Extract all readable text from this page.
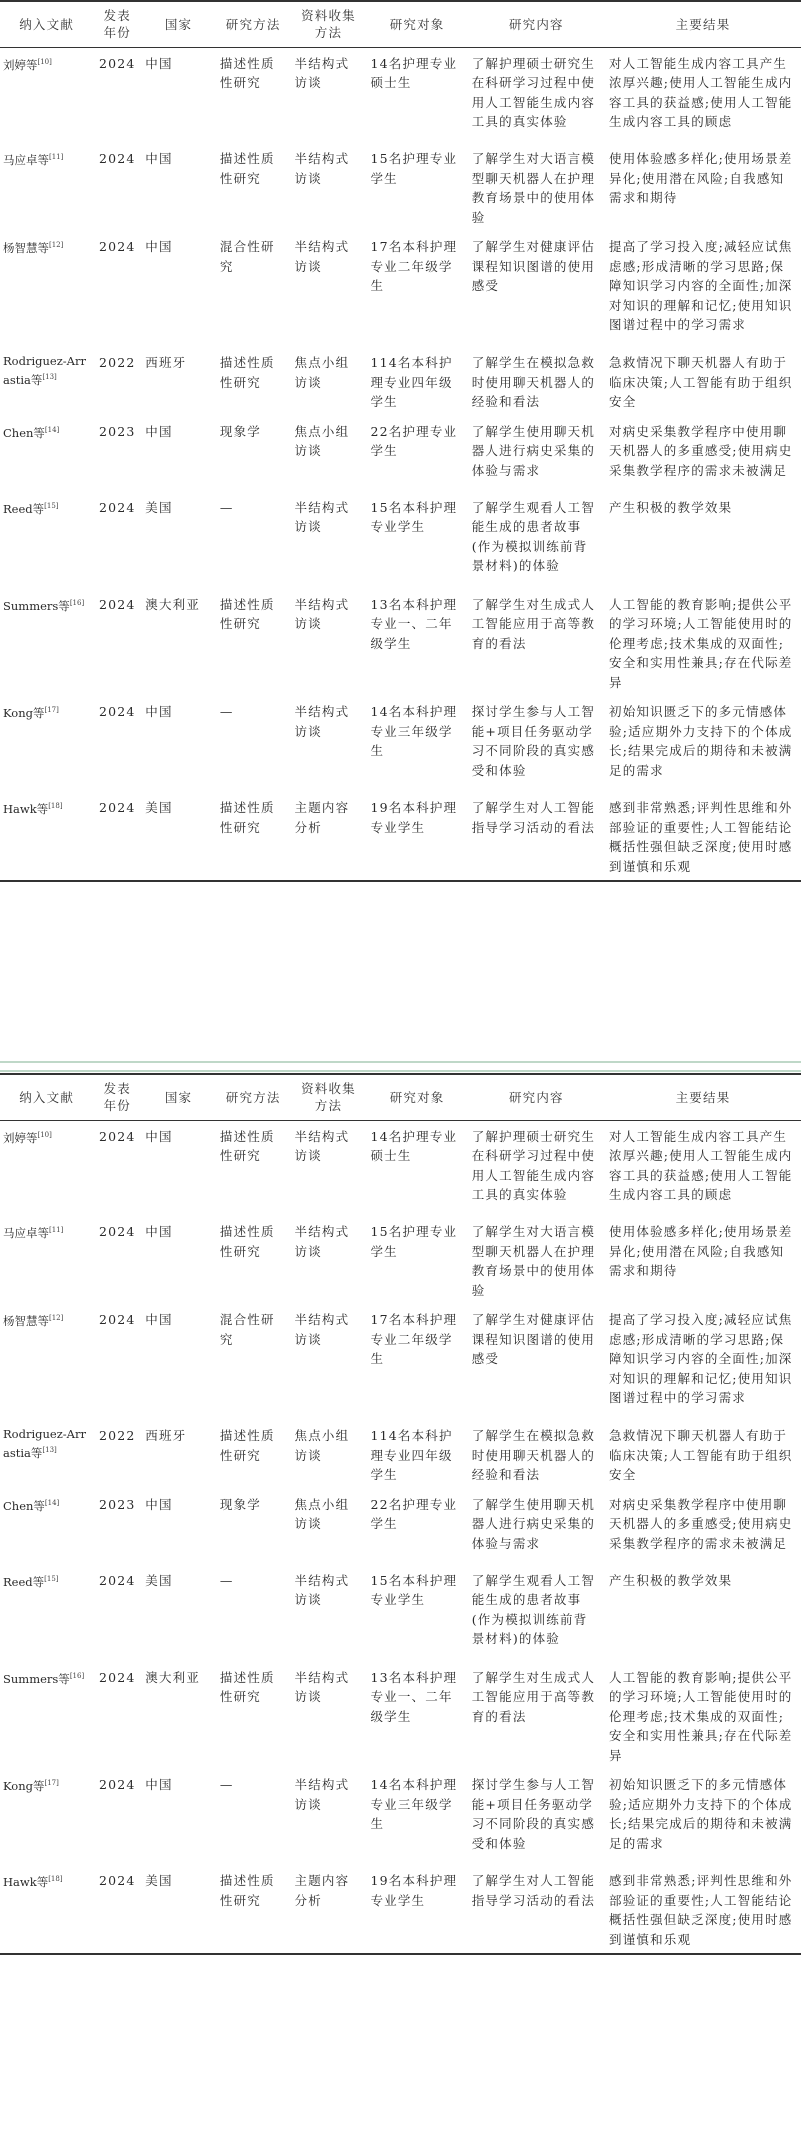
纳入文献	发表年份	国家	研究方法	资料收集方法	研究对象	研究内容	主要结果
刘婷等[10]	2024	中国	描述性质性研究	半结构式访谈	14名护理专业硕士生	了解护理硕士研究生在科研学习过程中使用人工智能生成内容工具的真实体验	对人工智能生成内容工具产生浓厚兴趣;使用人工智能生成内容工具的获益感;使用人工智能生成内容工具的顾虑
马应卓等[11]	2024	中国	描述性质性研究	半结构式访谈	15名护理专业学生	了解学生对大语言模型聊天机器人在护理教育场景中的使用体验	使用体验感多样化;使用场景差异化;使用潜在风险;自我感知需求和期待
杨智慧等[12]	2024	中国	混合性研究	半结构式访谈	17名本科护理专业二年级学生	了解学生对健康评估课程知识图谱的使用感受	提高了学习投入度;减轻应试焦虑感;形成清晰的学习思路;保障知识学习内容的全面性;加深对知识的理解和记忆;使用知识图谱过程中的学习需求
Rodriguez-Arrastia等[13]	2022	西班牙	描述性质性研究	焦点小组访谈	114名本科护理专业四年级学生	了解学生在模拟急救时使用聊天机器人的经验和看法	急救情况下聊天机器人有助于临床决策;人工智能有助于组织安全
Chen等[14]	2023	中国	现象学	焦点小组访谈	22名护理专业学生	了解学生使用聊天机器人进行病史采集的体验与需求	对病史采集教学程序中使用聊天机器人的多重感受;使用病史采集教学程序的需求未被满足
Reed等[15]	2024	美国	—	半结构式访谈	15名本科护理专业学生	了解学生观看人工智能生成的患者故事(作为模拟训练前背景材料)的体验	产生积极的教学效果
Summers等[16]	2024	澳大利亚	描述性质性研究	半结构式访谈	13名本科护理专业一、二年级学生	了解学生对生成式人工智能应用于高等教育的看法	人工智能的教育影响;提供公平的学习环境;人工智能使用时的伦理考虑;技术集成的双面性;安全和实用性兼具;存在代际差异
Kong等[17]	2024	中国	—	半结构式访谈	14名本科护理专业三年级学生	探讨学生参与人工智能+项目任务驱动学习不同阶段的真实感受和体验	初始知识匮乏下的多元情感体验;适应期外力支持下的个体成长;结果完成后的期待和未被满足的需求
Hawk等[18]	2024	美国	描述性质性研究	主题内容分析	19名本科护理专业学生	了解学生对人工智能指导学习活动的看法	感到非常熟悉;评判性思维和外部验证的重要性;人工智能结论概括性强但缺乏深度;使用时感到谨慎和乐观
纳入文献	发表年份	国家	研究方法	资料收集方法	研究对象	研究内容	主要结果
刘婷等[10]	2024	中国	描述性质性研究	半结构式访谈	14名护理专业硕士生	了解护理硕士研究生在科研学习过程中使用人工智能生成内容工具的真实体验	对人工智能生成内容工具产生浓厚兴趣;使用人工智能生成内容工具的获益感;使用人工智能生成内容工具的顾虑
马应卓等[11]	2024	中国	描述性质性研究	半结构式访谈	15名护理专业学生	了解学生对大语言模型聊天机器人在护理教育场景中的使用体验	使用体验感多样化;使用场景差异化;使用潜在风险;自我感知需求和期待
杨智慧等[12]	2024	中国	混合性研究	半结构式访谈	17名本科护理专业二年级学生	了解学生对健康评估课程知识图谱的使用感受	提高了学习投入度;减轻应试焦虑感;形成清晰的学习思路;保障知识学习内容的全面性;加深对知识的理解和记忆;使用知识图谱过程中的学习需求
Rodriguez-Arrastia等[13]	2022	西班牙	描述性质性研究	焦点小组访谈	114名本科护理专业四年级学生	了解学生在模拟急救时使用聊天机器人的经验和看法	急救情况下聊天机器人有助于临床决策;人工智能有助于组织安全
Chen等[14]	2023	中国	现象学	焦点小组访谈	22名护理专业学生	了解学生使用聊天机器人进行病史采集的体验与需求	对病史采集教学程序中使用聊天机器人的多重感受;使用病史采集教学程序的需求未被满足
Reed等[15]	2024	美国	—	半结构式访谈	15名本科护理专业学生	了解学生观看人工智能生成的患者故事(作为模拟训练前背景材料)的体验	产生积极的教学效果
Summers等[16]	2024	澳大利亚	描述性质性研究	半结构式访谈	13名本科护理专业一、二年级学生	了解学生对生成式人工智能应用于高等教育的看法	人工智能的教育影响;提供公平的学习环境;人工智能使用时的伦理考虑;技术集成的双面性;安全和实用性兼具;存在代际差异
Kong等[17]	2024	中国	—	半结构式访谈	14名本科护理专业三年级学生	探讨学生参与人工智能+项目任务驱动学习不同阶段的真实感受和体验	初始知识匮乏下的多元情感体验;适应期外力支持下的个体成长;结果完成后的期待和未被满足的需求
Hawk等[18]	2024	美国	描述性质性研究	主题内容分析	19名本科护理专业学生	了解学生对人工智能指导学习活动的看法	感到非常熟悉;评判性思维和外部验证的重要性;人工智能结论概括性强但缺乏深度;使用时感到谨慎和乐观
